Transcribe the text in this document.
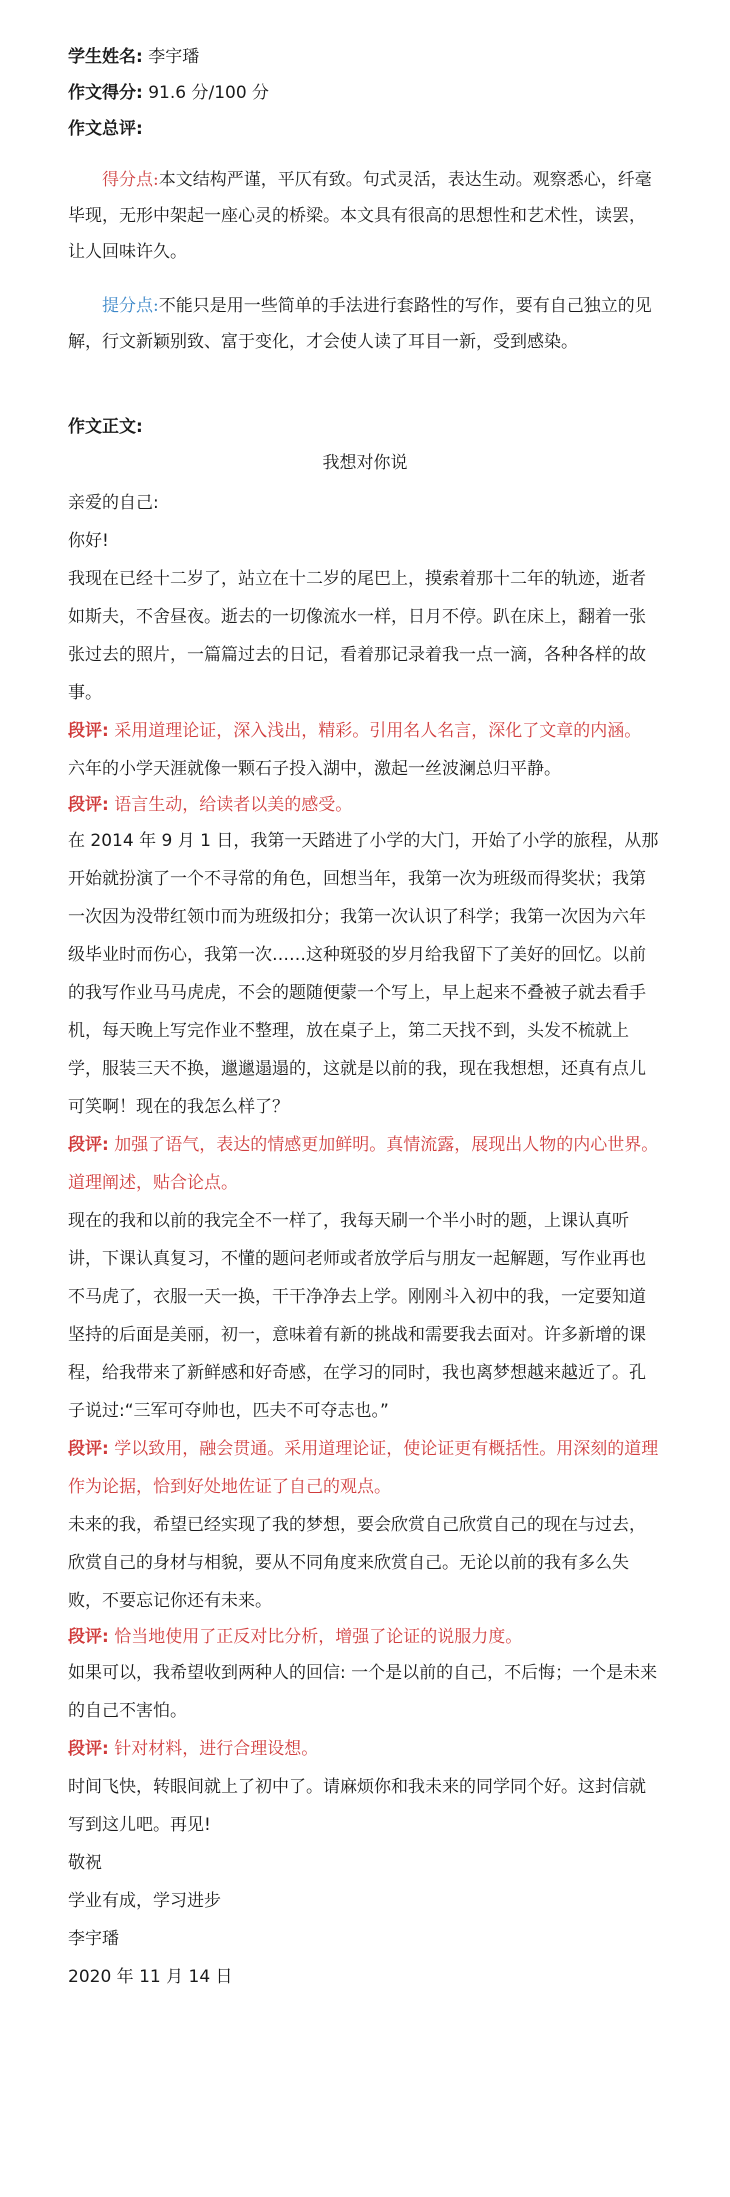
学生姓名: 李宇璠
作文得分: 91.6 分/100 分
作文总评:

得分点:本文结构严谨，平仄有致。句式灵活，表达生动。观察悉心，纤毫毕现，无形中架起一座心灵的桥梁。本文具有很高的思想性和艺术性，读罢，让人回味许久。

提分点:不能只是用一些简单的手法进行套路性的写作，要有自己独立的见解，行文新颖别致、富于变化，才会使人读了耳目一新，受到感染。

作文正文:
我想对你说

亲爱的自己:

你好!

我现在已经十二岁了，站立在十二岁的尾巴上，摸索着那十二年的轨迹，逝者如斯夫，不舍昼夜。逝去的一切像流水一样，日月不停。趴在床上，翻着一张张过去的照片，一篇篇过去的日记，看着那记录着我一点一滴，各种各样的故事。

段评: 采用道理论证，深入浅出，精彩。引用名人名言，深化了文章的内涵。

六年的小学天涯就像一颗石子投入湖中，激起一丝波澜总归平静。

段评: 语言生动，给读者以美的感受。

在 2014 年 9 月 1 日，我第一天踏进了小学的大门，开始了小学的旅程，从那开始就扮演了一个不寻常的角色，回想当年，我第一次为班级而得奖状；我第一次因为没带红领巾而为班级扣分；我第一次认识了科学；我第一次因为六年级毕业时而伤心，我第一次……这种斑驳的岁月给我留下了美好的回忆。以前的我写作业马马虎虎，不会的题随便蒙一个写上，早上起来不叠被子就去看手机，每天晚上写完作业不整理，放在桌子上，第二天找不到，头发不梳就上学，服装三天不换，邋邋遢遢的，这就是以前的我，现在我想想，还真有点儿可笑啊！现在的我怎么样了？

段评: 加强了语气，表达的情感更加鲜明。真情流露，展现出人物的内心世界。道理阐述，贴合论点。

现在的我和以前的我完全不一样了，我每天刷一个半小时的题，上课认真听讲，下课认真复习，不懂的题问老师或者放学后与朋友一起解题，写作业再也不马虎了，衣服一天一换，干干净净去上学。刚刚斗入初中的我，一定要知道坚持的后面是美丽，初一，意味着有新的挑战和需要我去面对。许多新增的课程，给我带来了新鲜感和好奇感，在学习的同时，我也离梦想越来越近了。孔子说过:“三军可夺帅也，匹夫不可夺志也。”

段评: 学以致用，融会贯通。采用道理论证，使论证更有概括性。用深刻的道理作为论据，恰到好处地佐证了自己的观点。

未来的我，希望已经实现了我的梦想，要会欣赏自己欣赏自己的现在与过去，欣赏自己的身材与相貌，要从不同角度来欣赏自己。无论以前的我有多么失败，不要忘记你还有未来。

段评: 恰当地使用了正反对比分析，增强了论证的说服力度。

如果可以，我希望收到两种人的回信: 一个是以前的自己，不后悔；一个是未来的自己不害怕。

段评: 针对材料，进行合理设想。

时间飞快，转眼间就上了初中了。请麻烦你和我未来的同学同个好。这封信就写到这儿吧。再见!

敬祝

学业有成，学习进步

李宇璠

2020 年 11 月 14 日
